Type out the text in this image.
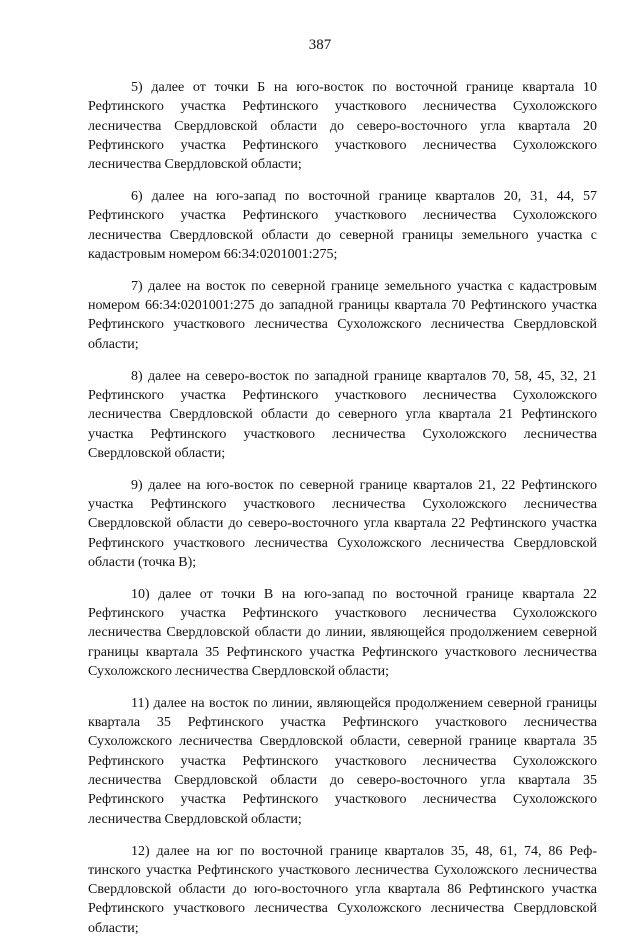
387

5) далее от точки Б на юго-восток по восточной границе квартала 10 Рефтинского участка Рефтинского участкового лесничества Сухоложского лесничества Свердловской области до северо-восточного угла квартала 20 Рефтинского участка Рефтинского участкового лесничества Сухоложского лесничества Свердловской области;

6) далее на юго-запад по восточной границе кварталов 20, 31, 44, 57 Рефтинского участка Рефтинского участкового лесничества Сухоложского лесничества Свердловской области до северной границы земельного участка с кадастровым номером 66:34:0201001:275;

7) далее на восток по северной границе земельного участка с кадастровым номером 66:34:0201001:275 до западной границы квартала 70 Рефтинского участка Рефтинского участкового лесничества Сухоложского лесничества Свердловской области;

8) далее на северо-восток по западной границе кварталов 70, 58, 45, 32, 21 Рефтинского участка Рефтинского участкового лесничества Сухоложского лесничества Свердловской области до северного угла квартала 21 Рефтинского участка Рефтинского участкового лесничества Сухоложского лесничества Свердловской области;

9) далее на юго-восток по северной границе кварталов 21, 22 Рефтинского участка Рефтинского участкового лесничества Сухоложского лесничества Свердловской области до северо-восточного угла квартала 22 Рефтинского участка Рефтинского участкового лесничества Сухоложского лесничества Свердловской области (точка В);

10) далее от точки В на юго-запад по восточной границе квартала 22 Рефтинского участка Рефтинского участкового лесничества Сухоложского лесничества Свердловской области до линии, являющейся продолжением северной границы квартала 35 Рефтинского участка Рефтинского участкового лесничества Сухоложского лесничества Свердловской области;

11) далее на восток по линии, являющейся продолжением северной границы квартала 35 Рефтинского участка Рефтинского участкового лесничества Сухоложского лесничества Свердловской области, северной границе квартала 35 Рефтинского участка Рефтинского участкового лесничества Сухоложского лесничества Свердловской области до северо-восточного угла квартала 35 Рефтинского участка Рефтинского участкового лесничества Сухоложского лесничества Свердловской области;

12) далее на юг по восточной границе кварталов 35, 48, 61, 74, 86 Рефтинского участка Рефтинского участкового лесничества Сухоложского лесничества Свердловской области до юго-восточного угла квартала 86 Рефтинского участка Рефтинского участкового лесничества Сухоложского лесничества Свердловской области;
